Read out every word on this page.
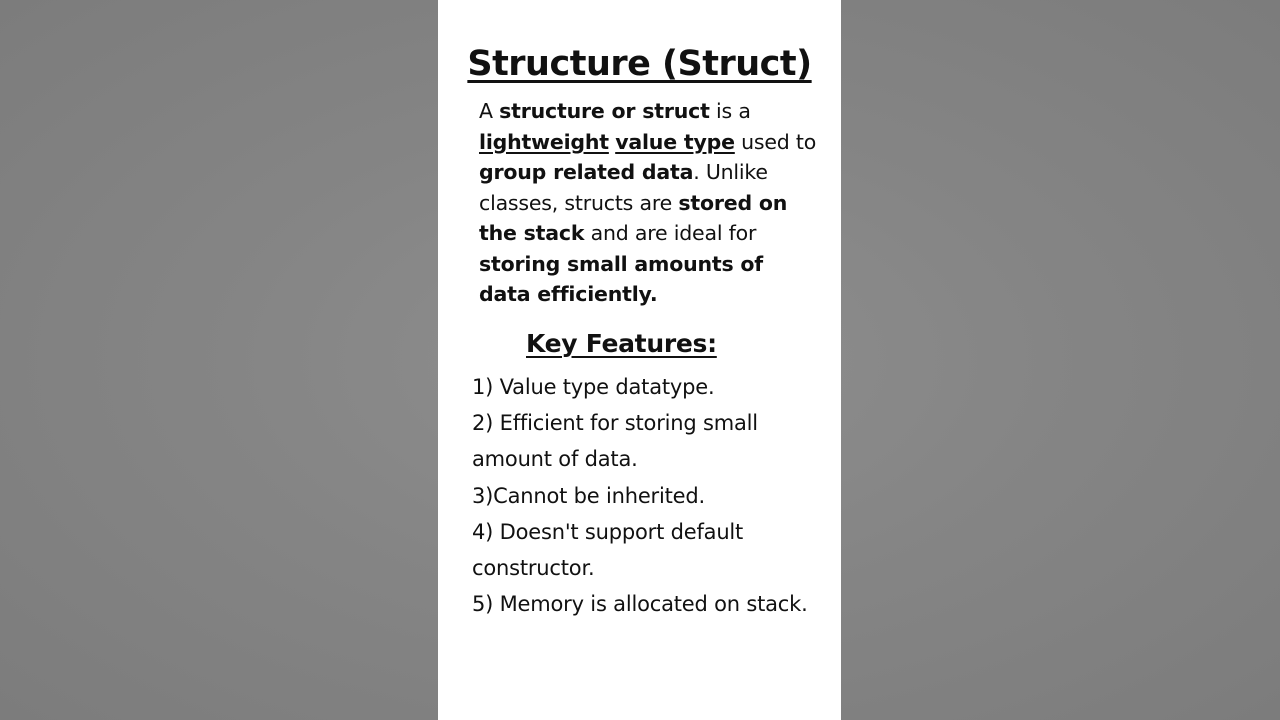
Structure (Struct)

A structure or struct is a lightweight value type used to group related data. Unlike classes, structs are stored on the stack and are ideal for storing small amounts of data efficiently.

Key Features:
1) Value type datatype.
2) Efficient for storing small amount of data.
3)Cannot be inherited.
4) Doesn't support default constructor.
5) Memory is allocated on stack.
